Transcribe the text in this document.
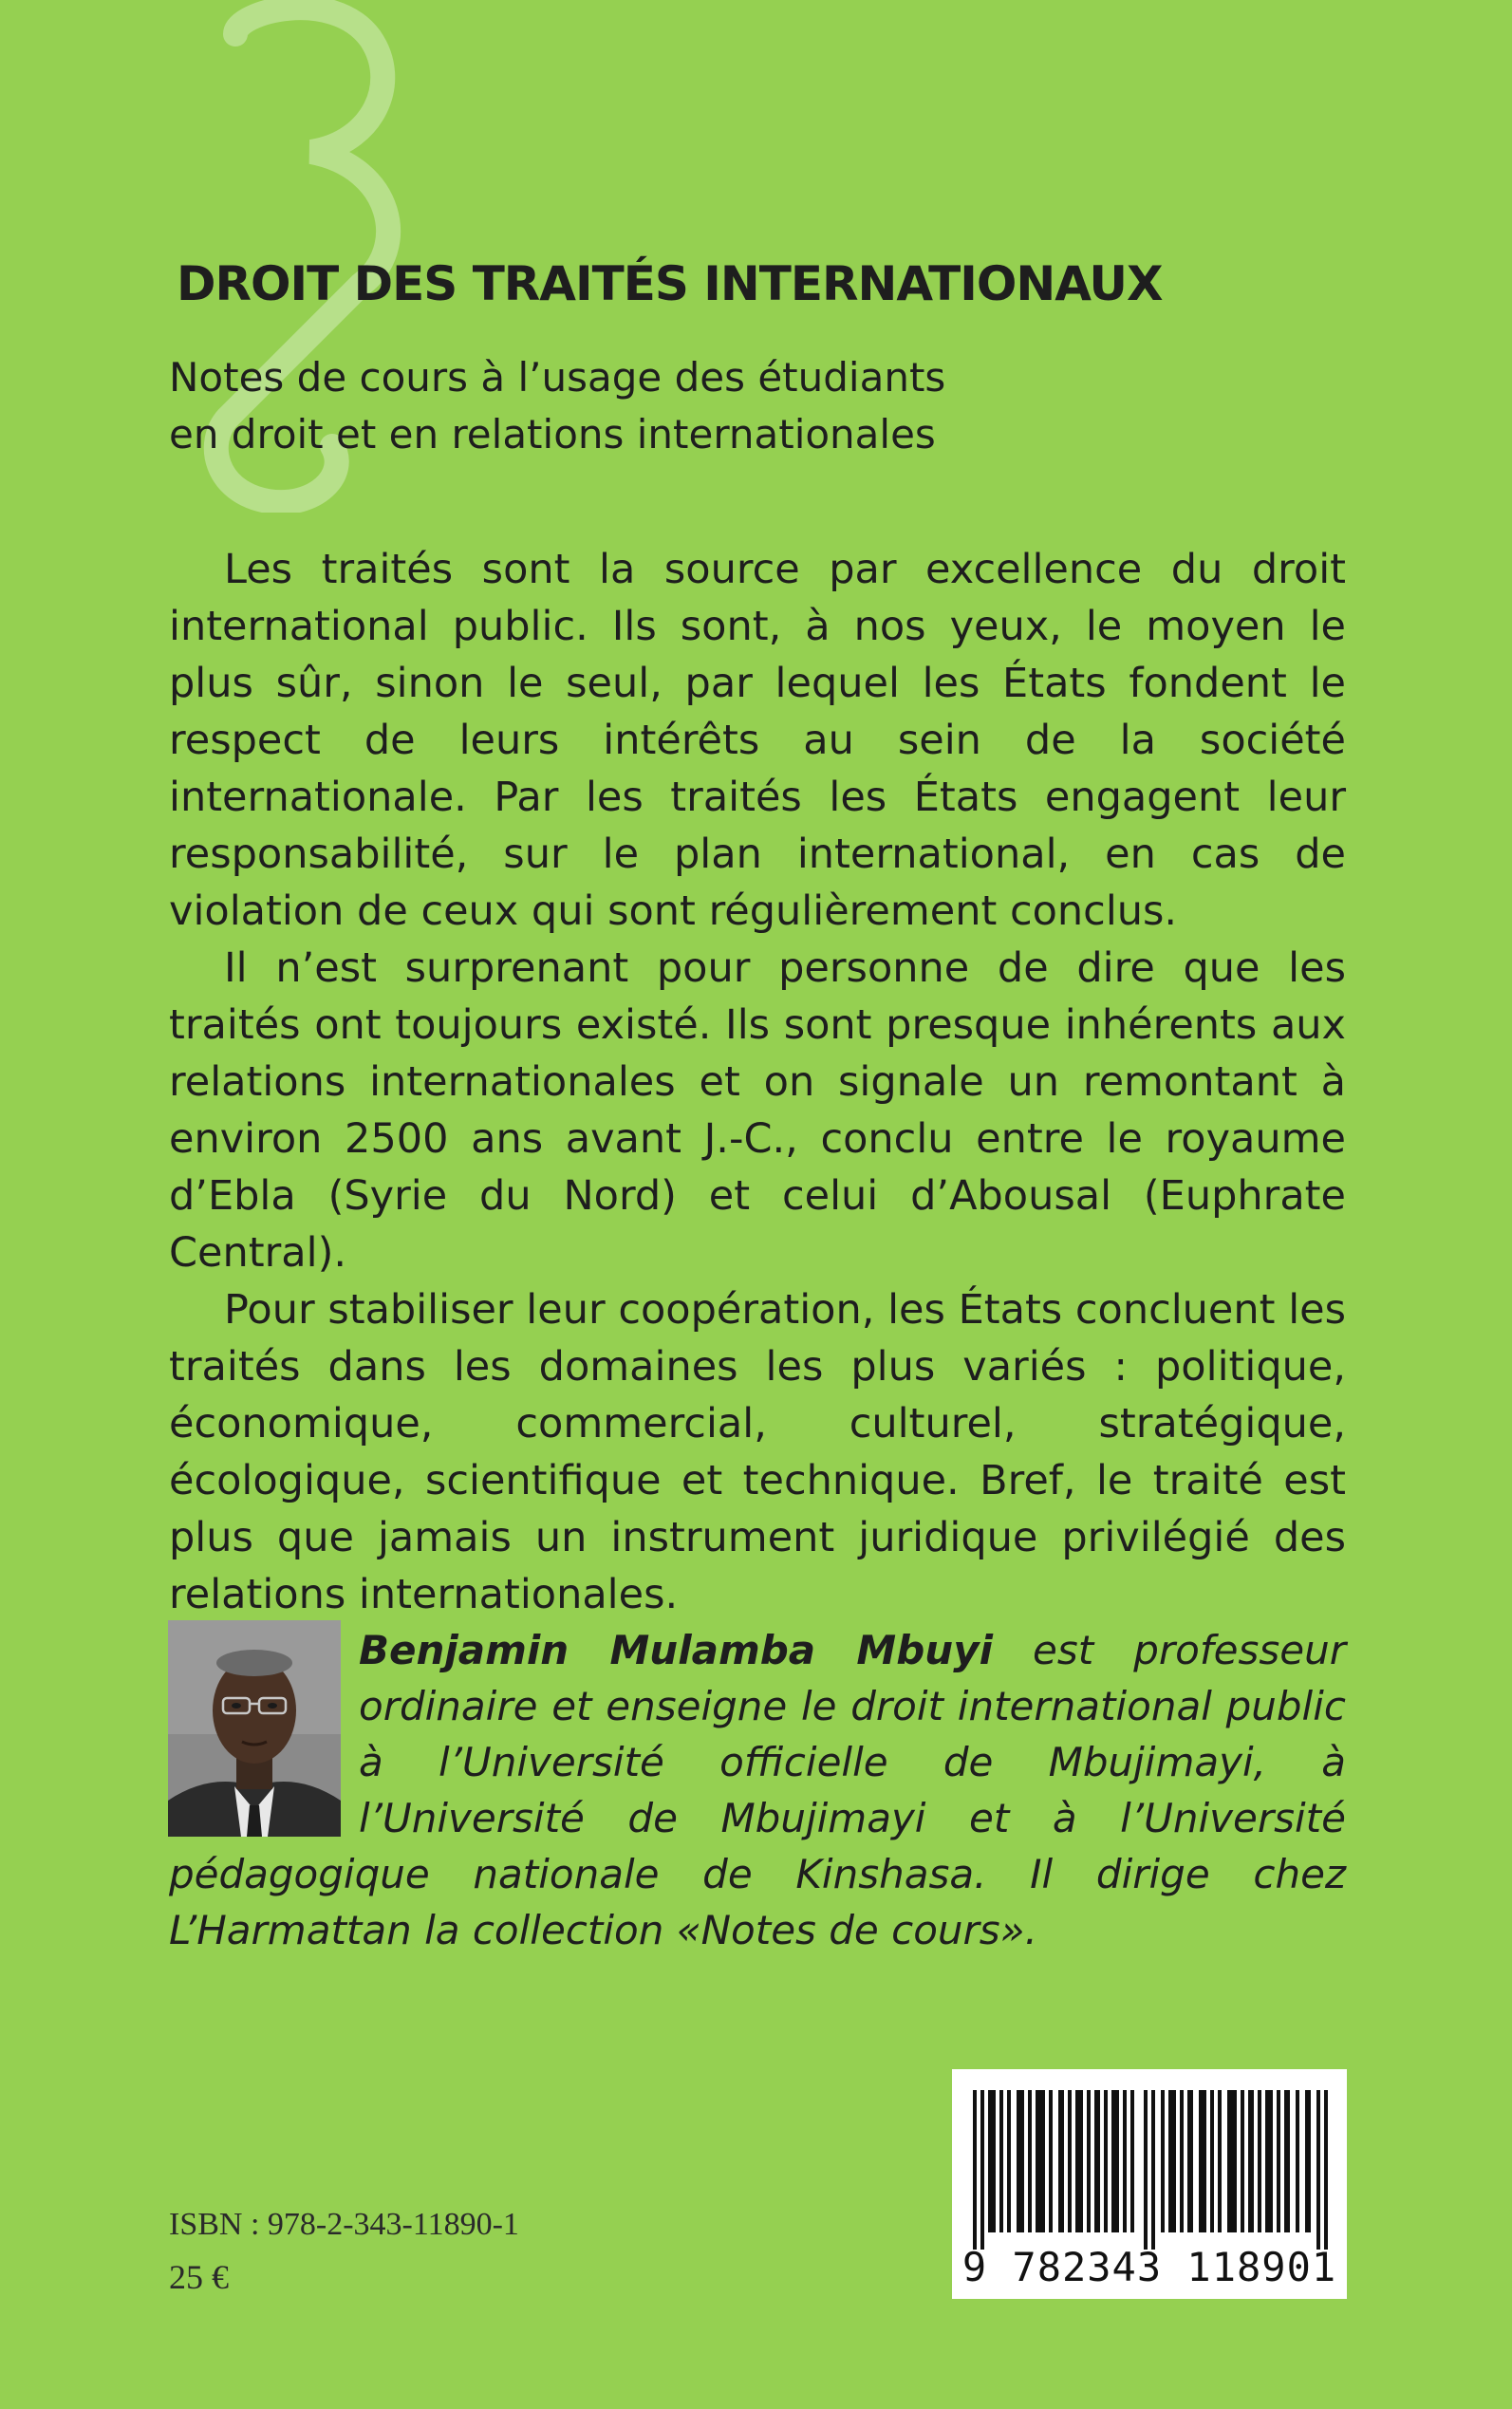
DROIT DES TRAITÉS INTERNATIONAUX
Notes de cours à l’usage des étudiants
en droit et en relations internationales

Les traités sont la source par excellence du droit international public. Ils sont, à nos yeux, le moyen le plus sûr, sinon le seul, par lequel les États fondent le respect de leurs intérêts au sein de la société internationale. Par les traités les États engagent leur responsabilité, sur le plan international, en cas de violation de ceux qui sont régulièrement conclus.

Il n’est surprenant pour personne de dire que les traités ont toujours existé. Ils sont presque inhérents aux relations internationales et on signale un remontant à environ 2500 ans avant J.-C., conclu entre le royaume d’Ebla (Syrie du Nord) et celui d’Abousal (Euphrate Central).

Pour stabiliser leur coopération, les États concluent les traités dans les domaines les plus variés : politique, économique, commercial, culturel, stratégique, écologique, scientifique et technique. Bref, le traité est plus que jamais un instrument juridique privilégié des relations internationales.

Benjamin Mulamba Mbuyi est professeur ordinaire et enseigne le droit international public à l’Université officielle de Mbujimayi, à l’Université de Mbujimayi et à l’Université pédagogique nationale de Kinshasa. Il dirige chez L’Harmattan la collection «Notes de cours».
ISBN : 978-2-343-11890-1
25 €	9 782343 118901
